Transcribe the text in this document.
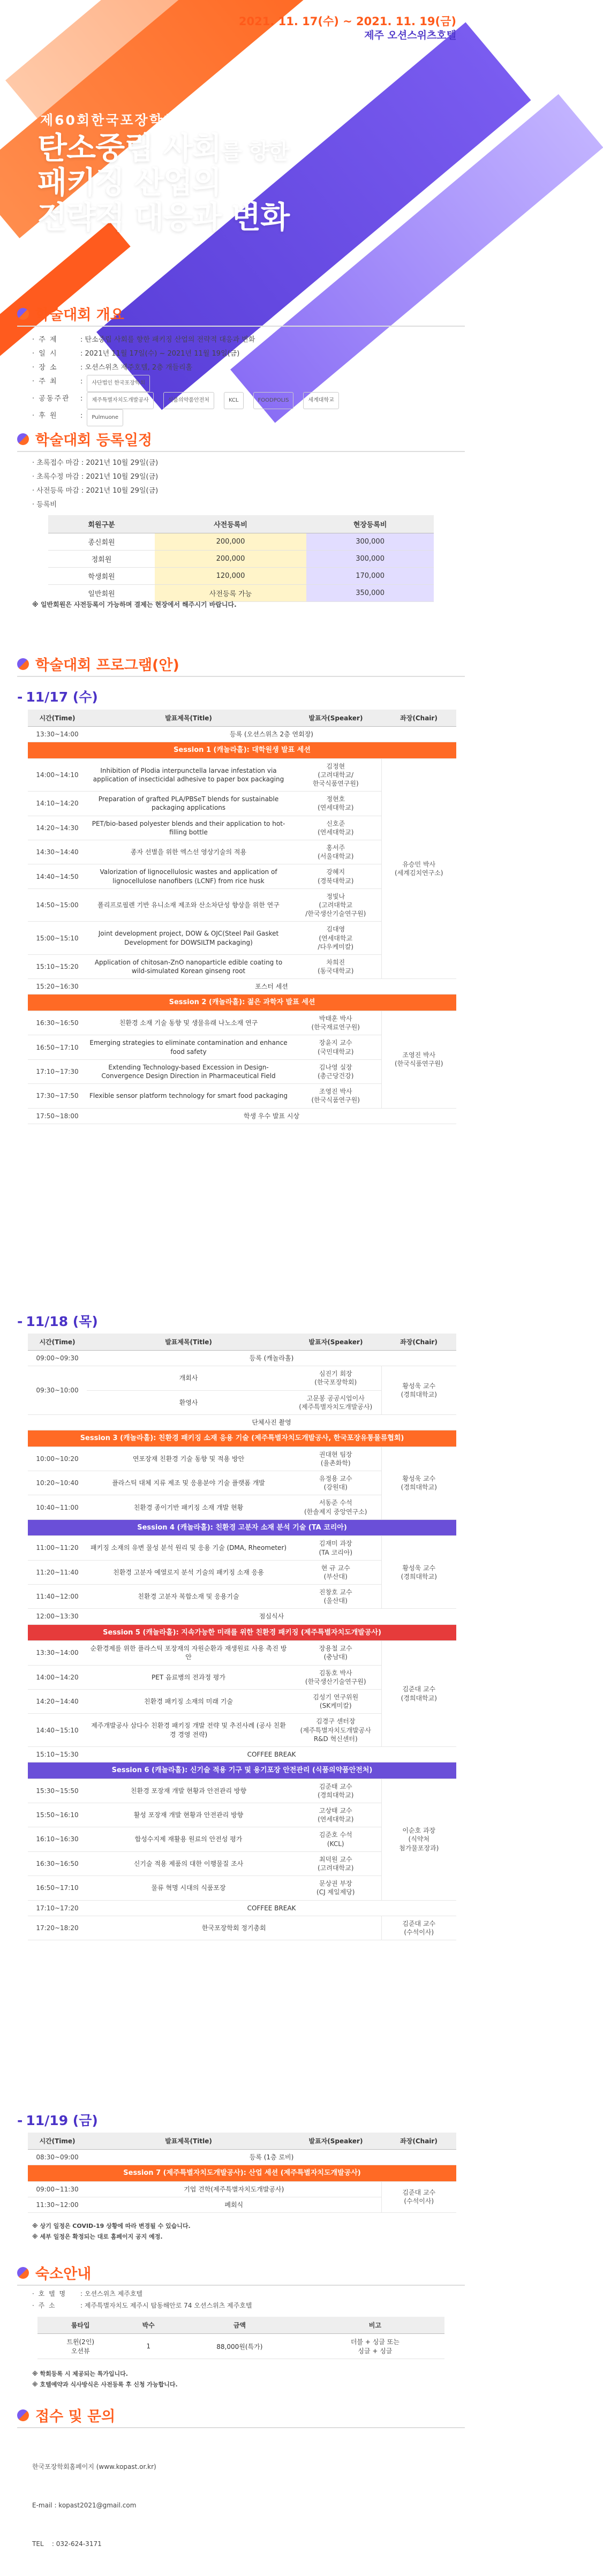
2021. 11. 17(수) ~ 2021. 11. 19(금)
제주 오션스위츠호텔
제60회한국포장학회추계학술대회
탄소중립 사회를 향한
패키징 산업의
전략적 대응과 변화
학술대회 개요
· 주 제	: 탄소중립 사회를 향한 패키징 산업의 전략적 대응과 변화
· 일 시	: 2021년 11월 17일(수) ~ 2021년 11월 19일(금)
· 장 소	: 오션스위츠 제주호텔, 2층 개들리홀
· 주 최	:	사단법인 한국포장학회
· 공동주관	:	제주특별자치도개발공사	식품의약품안전처	KCL	FOODPOLIS	세계대학교
· 후 원	:	Pulmuone
학술대회 등록일정
· 초록접수 마감 : 2021년 10월 29일(금)
· 초록수정 마감 : 2021년 10월 29일(금)
· 사전등록 마감 : 2021년 10월 29일(금)
· 등록비
회원구분	사전등록비	현장등록비
종신회원	200,000	300,000
정회원	200,000	300,000
학생회원	120,000	170,000
일반회원	사전등록 가능	350,000
※ 일반회원은 사전등록이 가능하며 결제는 현장에서 해주시기 바랍니다.
학술대회 프로그램(안)
- 11/17 (수)
시간(Time)	발표제목(Title)	발표자(Speaker)	좌장(Chair)
13:30~14:00	등록 (오션스위츠 2층 연회장)		
Session 1 (캐놀라홀): 대학원생 발표 세션			
14:00~14:10	Inhibition of Plodia interpunctella larvae infestation via application of insecticidal adhesive to paper box packaging	김정현
(고려대학교/
한국식품연구원)	유승민 박사
(세계김치연구소)
14:10~14:20	Preparation of grafted PLA/PBSeT blends for sustainable packaging applications	정현호
(연세대학교)	
14:20~14:30	PET/bio-based polyester blends and their application to hot-filling bottle	신호준
(연세대학교)	
14:30~14:40	종자 선별을 위한 엑스선 영상기술의 적용	홍서주
(서울대학교)	
14:40~14:50	Valorization of lignocellulosic wastes and application of lignocellulose nanofibers (LCNF) from rice husk	강혜지
(경북대학교)	
14:50~15:00	폴리프로필렌 기반 유니소재 제조와 산소차단성 향상을 위한 연구	정빛나
(고려대학교
/한국생산기술연구원)	
15:00~15:10	Joint development project, DOW & OJC(Steel Pail Gasket Development for DOWSILTM packaging)	김대영
(연세대학교
/다우케미칼)	
15:10~15:20	Application of chitosan-ZnO nanoparticle edible coating to wild-simulated Korean ginseng root	차희진
(동국대학교)	
15:20~16:30	포스터 세션		
Session 2 (캐놀라홀): 젊은 과학자 발표 세션			
16:30~16:50	친환경 소재 기술 동향 및 생물유래 나노소재 연구	박태훈 박사
(한국재료연구원)	조영진 박사
(한국식품연구원)
16:50~17:10	Emerging strategies to eliminate contamination and enhance food safety	장윤지 교수
(국민대학교)	
17:10~17:30	Extending Technology-based Excession in Design-Convergence Design Direction in Pharmaceutical Field	김나영 실장
(총근당건강)	
17:30~17:50	Flexible sensor platform technology for smart food packaging	조영진 박사
(한국식품연구원)	
17:50~18:00	학생 우수 발표 시상		
- 11/18 (목)
시간(Time)	발표제목(Title)	발표자(Speaker)	좌장(Chair)
09:00~09:30	등록 (캐놀라홀)		
09:30~10:00	개회사	심진기 회장
(한국포장학회)	황성욱 교수
(경희대학교)
	환영사	고문봉 공공시업이사
(제주특별자치도개발공사)	
	단체사진 촬영		
Session 3 (캐놀라홀): 친환경 패키징 소재 응용 기술 (제주특별자치도개발공사, 한국포장유통물류협회)			
10:00~10:20	연포장재 친환경 기술 동향 및 적용 방안	권대현 팀장
(율촌화학)	황성욱 교수
(경희대학교)
10:20~10:40	플라스틱 대체 지류 제조 및 응용분야 기술 플랫폼 개발	유정용 교수
(강원대)	
10:40~11:00	친환경 종이기반 패키징 소재 개발 현황	서동준 수석
(한솔제지 중앙연구소)	
Session 4 (캐놀라홀): 친환경 고분자 소재 분석 기술 (TA 코리아)			
11:00~11:20	패키징 소재의 유변 물성 분석 원리 및 응용 기술 (DMA, Rheometer)	김재미 과장
(TA 코리아)	황성욱 교수
(경희대학교)
11:20~11:40	친환경 고분자 예열로지 분석 기술의 패키징 소재 응용	현 규 교수
(부산대)	
11:40~12:00	친환경 고분자 복합소재 및 응용기술	진창호 교수
(울산대)	
12:00~13:30	점심식사		
Session 5 (캐놀라홀): 지속가능한 미래를 위한 친환경 패키징 (제주특별자치도개발공사)			
13:30~14:00	순환경제를 위한 플라스틱 포장재의 자원순환과 재생원료 사용 촉진 방안	장용철 교수
(충남대)	김준대 교수
(경희대학교)
14:00~14:20	PET 음료병의 전과정 평가	김동호 박사
(한국생산기술연구원)	
14:20~14:40	친환경 패키징 소재의 미래 기술	김성기 연구위원
(SK케미칼)	
14:40~15:10	제주개발공사 삼다수 친환경 패키징 개발 전략 및 추진사례 (공사 친환경 경영 전략)	김경구 센터장
(제주특별자치도개발공사
R&D 혁신센터)	
15:10~15:30	COFFEE BREAK		
Session 6 (캐놀라홀): 신기술 적용 기구 및 용기포장 안전관리 (식품의약품안전처)			
15:30~15:50	친환경 포장재 개발 현황과 안전관리 방향	김준태 교수
(경희대학교)	이순호 과장
(식약처
첨가물포장과)
15:50~16:10	활성 포장재 개발 현황과 안전관리 방향	고상태 교수
(연세대학교)	
16:10~16:30	합성수지제 재활용 원료의 안전성 평가	김준호 수석
(KCL)	
16:30~16:50	신기술 적용 제품의 대한 이행물질 조사	최덕원 교수
(고려대학교)	
16:50~17:10	물류 혁명 시대의 식품포장	문상권 부장
(CJ 제일제당)	
17:10~17:20	COFFEE BREAK		
17:20~18:20	한국포장학회 정기총회		김준대 교수
(수석이사)
- 11/19 (금)
시간(Time)	발표제목(Title)	발표자(Speaker)	좌장(Chair)
08:30~09:00	등록 (1층 로비)		
Session 7 (제주특별자치도개발공사): 산업 세션 (제주특별자치도개발공사)			
09:00~11:30	기업 견학(제주특별자치도개발공사)		김준대 교수
(수석이사)
11:30~12:00	폐회식		
※ 상기 일정은 COVID-19 상황에 따라 변경될 수 있습니다.
※ 세부 일정은 확정되는 대로 홈페이지 공지 예정.
숙소안내
· 호 텔 명	: 오션스위츠 제주호텔
· 주 소	: 제주특별자치도 제주시 탑동해안로 74 오션스위츠 제주호텔
룸타입	박수	금액	비고
트윈(2인)
오션뷰	1	88,000원(특가)	더블 + 싱글 또는
싱글 + 싱글
※ 학회등록 시 제공되는 특가입니다.
※ 호텔예약과 식사방식은 사전등록 후 신청 가능합니다.
접수 및 문의

한국포장학회홈페이지 (www.kopast.or.kr)

E-mail : kopast2021@gmail.com

TEL    : 032-624-3171
